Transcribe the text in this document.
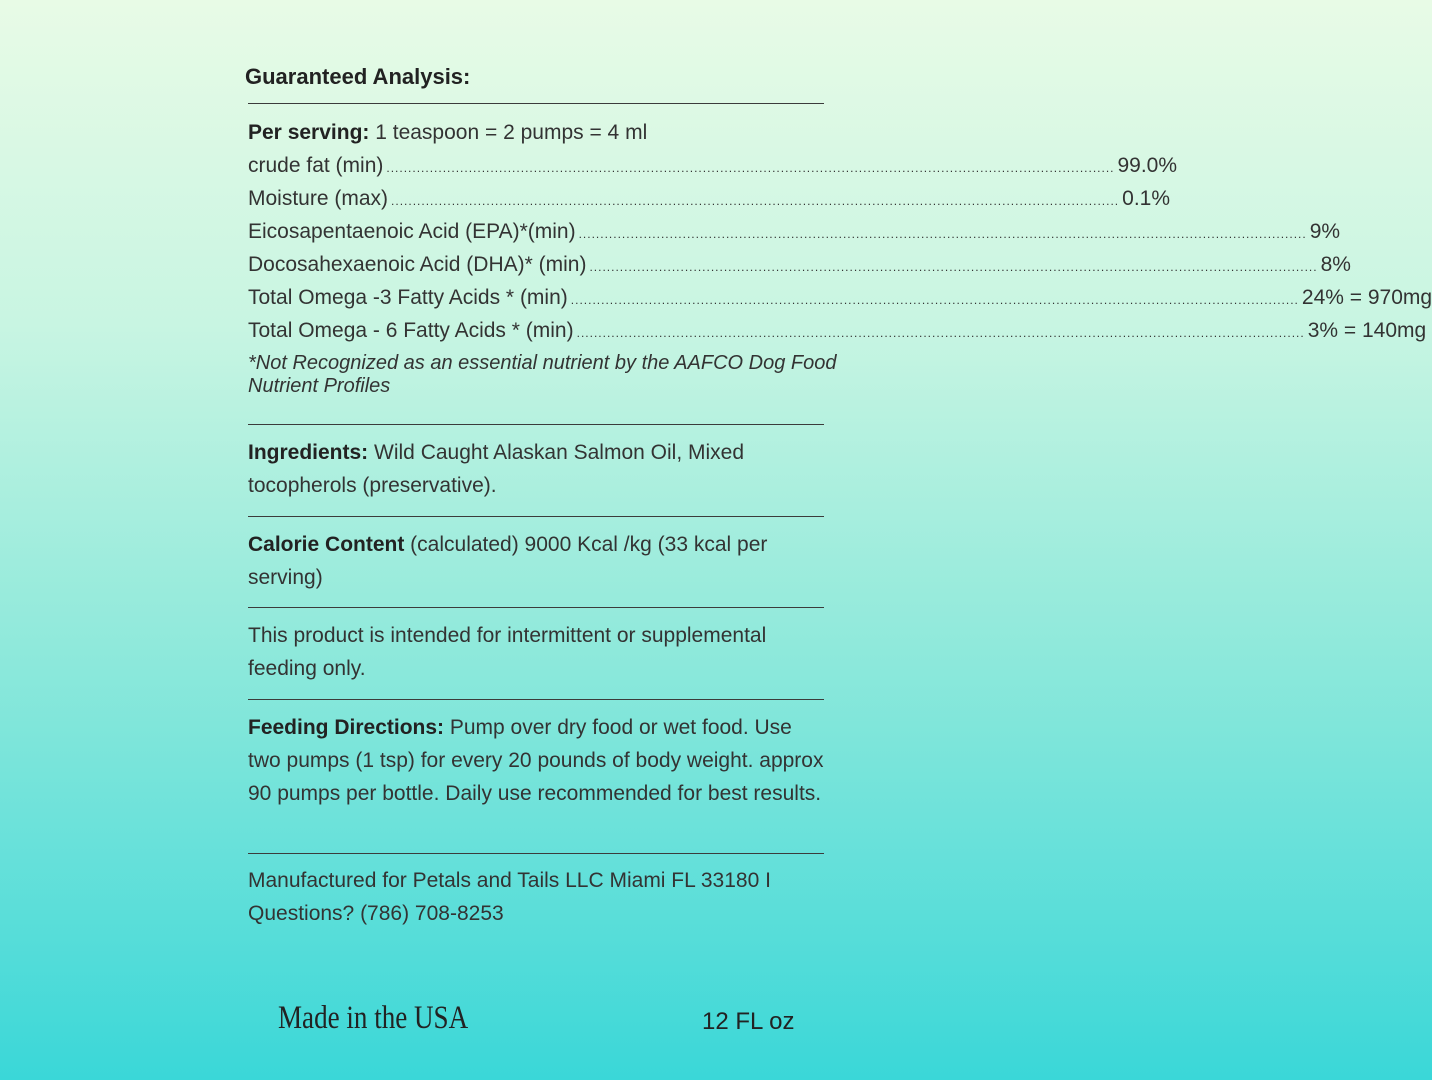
Guaranteed Analysis:
Per serving: 1 teaspoon = 2 pumps = 4 ml
crude fat (min) ........................................................................................................................................................................ 99.0%
Moisture (max) ........................................................................................................................................................................ 0.1%
Eicosapentaenoic Acid (EPA)*(min) ........................................................................................................................................................................ 9%
Docosahexaenoic Acid (DHA)* (min) ........................................................................................................................................................................ 8%
Total Omega -3 Fatty Acids * (min) ........................................................................................................................................................................ 24% = 970mg
Total Omega - 6 Fatty Acids * (min) ........................................................................................................................................................................ 3% = 140mg
*Not Recognized as an essential nutrient by the AAFCO Dog Food Nutrient Profiles
Ingredients: Wild Caught Alaskan Salmon Oil, Mixed tocopherols (preservative).
Calorie Content (calculated) 9000 Kcal /kg (33 kcal per serving)
This product is intended for intermittent or supplemental feeding only.
Feeding Directions: Pump over dry food or wet food. Use two pumps (1 tsp) for every 20 pounds of body weight. approx 90 pumps per bottle. Daily use recommended for best results.
Manufactured for Petals and Tails LLC Miami FL 33180 I Questions? (786) 708-8253
Made in the USA	12 FL oz
